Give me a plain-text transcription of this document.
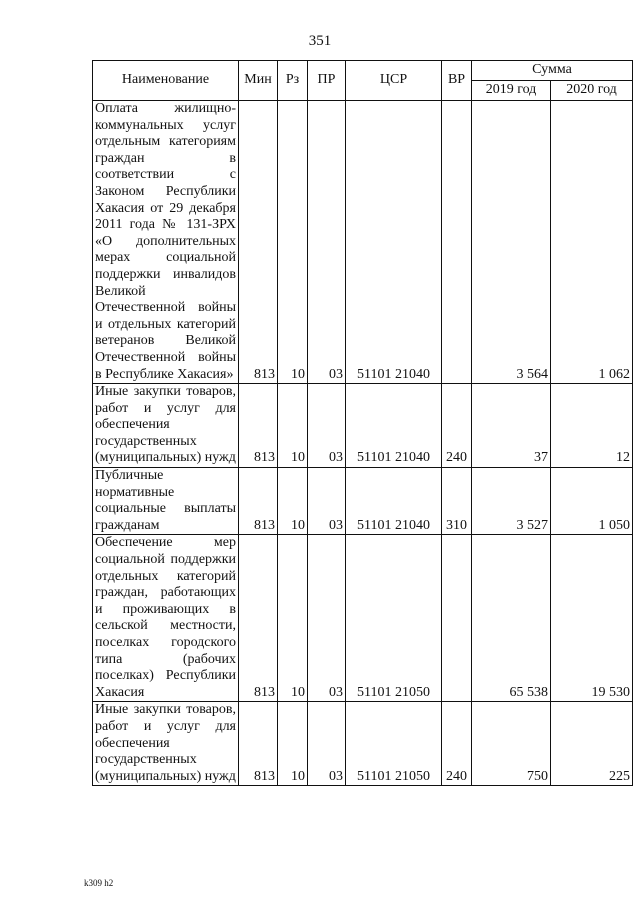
351
Наименование	Мин	Рз	ПР	ЦСР	ВР	Сумма	
						2019 год	2020 год
Оплата жилищно-коммунальных услуг отдельным категориям граждан в соответствии с Законом Республики Хакасия от 29 декабря 2011 года № 131-ЗРХ «О дополнительных мерах социальной поддержки инвалидов Великой Отечественной войны и отдельных категорий ветеранов Великой Отечественной войны в Республике Хакасия»	813	10	03	51101 21040		3 564	1 062
Иные закупки товаров, работ и услуг для обеспечения государственных (муниципальных) нужд	813	10	03	51101 21040	240	37	12
Публичные нормативные социальные выплаты гражданам	813	10	03	51101 21040	310	3 527	1 050
Обеспечение мер социальной поддержки отдельных категорий граждан, работающих и проживающих в сельской местности, поселках городского типа (рабочих поселках) Республики Хакасия	813	10	03	51101 21050		65 538	19 530
Иные закупки товаров, работ и услуг для обеспечения государственных (муниципальных) нужд	813	10	03	51101 21050	240	750	225
k309 h2
